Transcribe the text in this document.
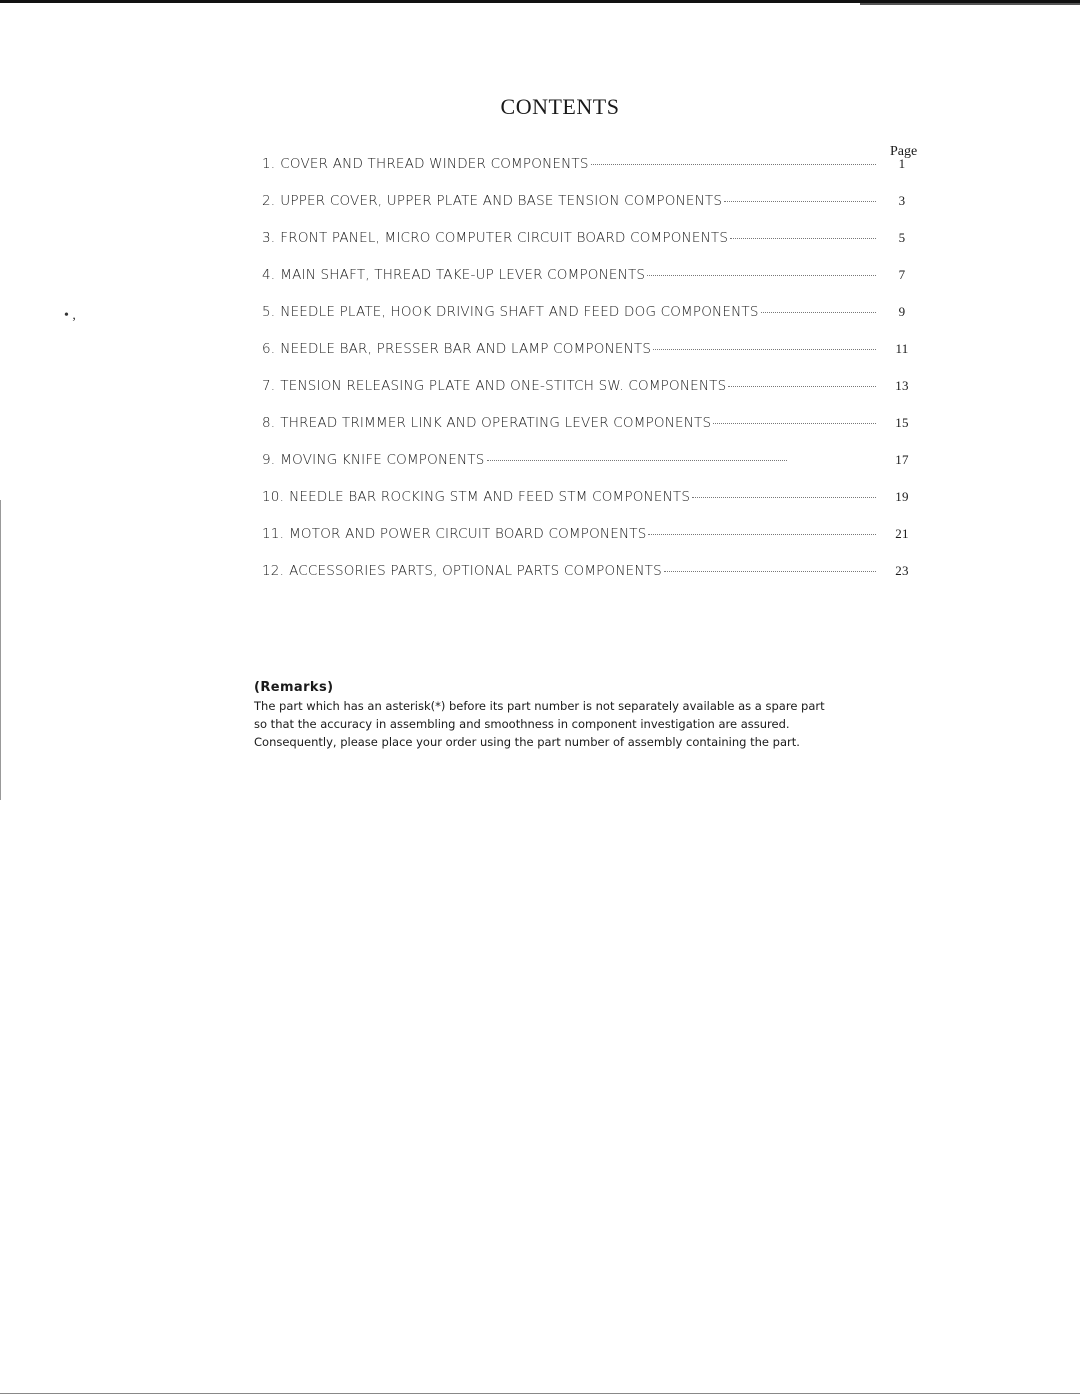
• ,
CONTENTS
Page
1. COVER AND THREAD WINDER COMPONENTS	1
2. UPPER COVER, UPPER PLATE AND BASE TENSION COMPONENTS	3
3. FRONT PANEL, MICRO COMPUTER CIRCUIT BOARD COMPONENTS	5
4. MAIN SHAFT, THREAD TAKE-UP LEVER COMPONENTS	7
5. NEEDLE PLATE, HOOK DRIVING SHAFT AND FEED DOG COMPONENTS	9
6. NEEDLE BAR, PRESSER BAR AND LAMP COMPONENTS	11
7. TENSION RELEASING PLATE AND ONE-STITCH SW. COMPONENTS	13
8. THREAD TRIMMER LINK AND OPERATING LEVER COMPONENTS	15
9. MOVING KNIFE COMPONENTS	17
10. NEEDLE BAR ROCKING STM AND FEED STM COMPONENTS	19
11. MOTOR AND POWER CIRCUIT BOARD COMPONENTS	21
12. ACCESSORIES PARTS, OPTIONAL PARTS COMPONENTS	23

(Remarks)

The part which has an asterisk(*) before its part number is not separately available as a spare part

so that the accuracy in assembling and smoothness in component investigation are assured.

Consequently, please place your order using the part number of assembly containing the part.
